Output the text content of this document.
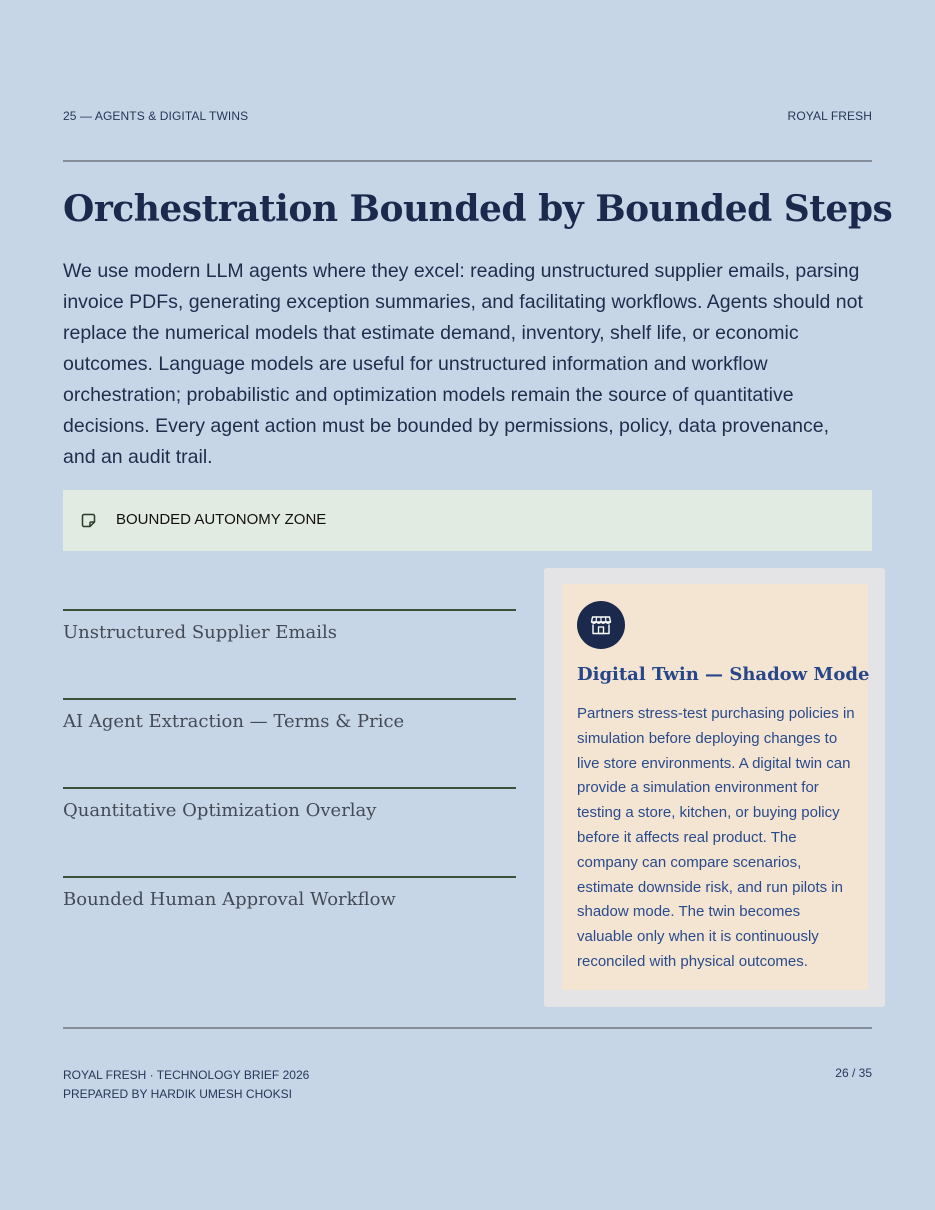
25 — AGENTS & DIGITAL TWINS	ROYAL FRESH
Orchestration Bounded by Bounded Steps

We use modern LLM agents where they excel: reading unstructured supplier emails, parsing invoice PDFs, generating exception summaries, and facilitating workflows. Agents should not replace the numerical models that estimate demand, inventory, shelf life, or economic outcomes. Language models are useful for unstructured information and workflow orchestration; probabilistic and optimization models remain the source of quantitative decisions. Every agent action must be bounded by permissions, policy, data provenance, and an audit trail.

BOUNDED AUTONOMY ZONE
Unstructured Supplier Emails
AI Agent Extraction — Terms & Price
Quantitative Optimization Overlay
Bounded Human Approval Workflow
Digital Twin — Shadow Mode

Partners stress-test purchasing policies in simulation before deploying changes to live store environments. A digital twin can provide a simulation environment for testing a store, kitchen, or buying policy before it affects real product. The company can compare scenarios, estimate downside risk, and run pilots in shadow mode. The twin becomes valuable only when it is continuously reconciled with physical outcomes.

ROYAL FRESH · TECHNOLOGY BRIEF 2026
PREPARED BY HARDIK UMESH CHOKSI
26 / 35
